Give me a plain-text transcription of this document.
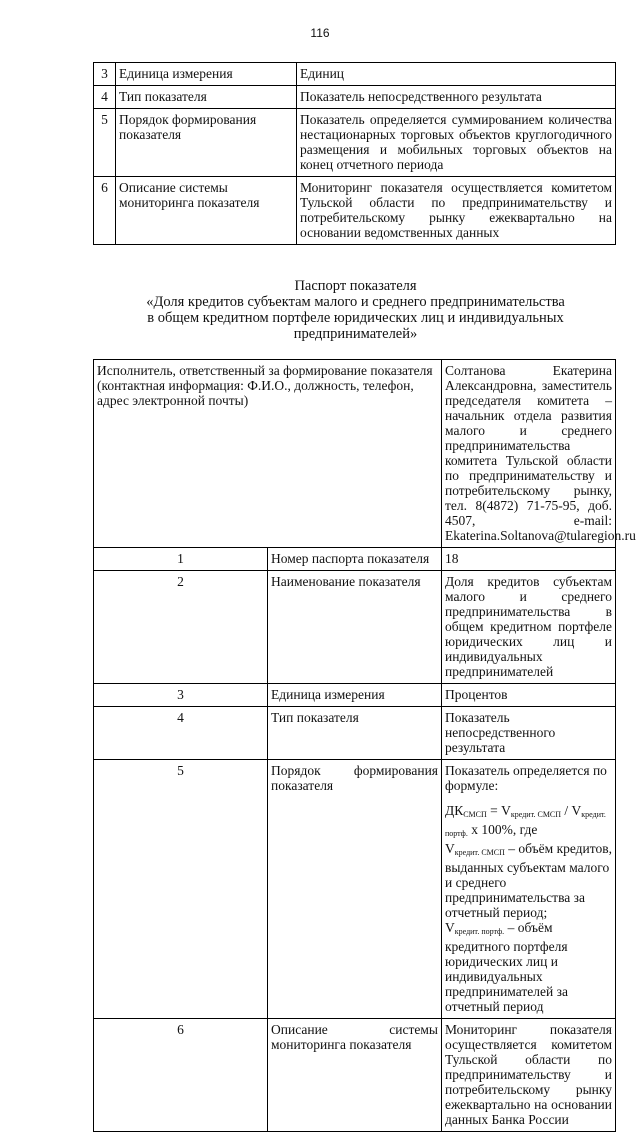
116
3	Единица измерения	Единиц
4	Тип показателя	Показатель непосредственного результата
5	Порядок формирования показателя	Показатель определяется суммированием количества нестационарных торговых объектов круглогодичного размещения и мобильных торговых объектов на конец отчетного периода
6	Описание системы мониторинга показателя	Мониторинг показателя осуществляется комитетом Тульской области по предпринимательству и потребительскому рынку ежеквартально на основании ведомственных данных
Паспорт показателя
«Доля кредитов субъектам малого и среднего предпринимательства
в общем кредитном портфеле юридических лиц и индивидуальных
предпринимателей»
Исполнитель, ответственный за формирование показателя (контактная информация: Ф.И.О., должность, телефон, адрес электронной почты)		Солтанова Екатерина Александровна, заместитель председателя комитета – начальник отдела развития малого и среднего предпринимательства комитета Тульской области по предпринимательству и потребительскому рынку, тел. 8(4872) 71-75-95, доб. 4507, e-mail: Ekaterina.Soltanova@tularegion.ru
1	Номер паспорта показателя	18
2	Наименование показателя	Доля кредитов субъектам малого и среднего предпринимательства в общем кредитном портфеле юридических лиц и индивидуальных предпринимателей
3	Единица измерения	Процентов
4	Тип показателя	Показатель непосредственного результата
5	Порядок формирования показателя	Показатель определяется по формуле:
$ДК_{СМСП} = V_{кредит. СМСП} / V_{кредит. портф.}$ х 100%, где
$V_{кредит. СМСП}$ – объём кредитов, выданных субъектам малого и среднего предпринимательства за отчетный период;
$V_{кредит. портф.}$ – объём кредитного портфеля юридических лиц и индивидуальных предпринимателей за отчетный период

6	Описание системы мониторинга показателя	Мониторинг показателя осуществляется комитетом Тульской области по предпринимательству и потребительскому рынку ежеквартально на основании данных Банка России
